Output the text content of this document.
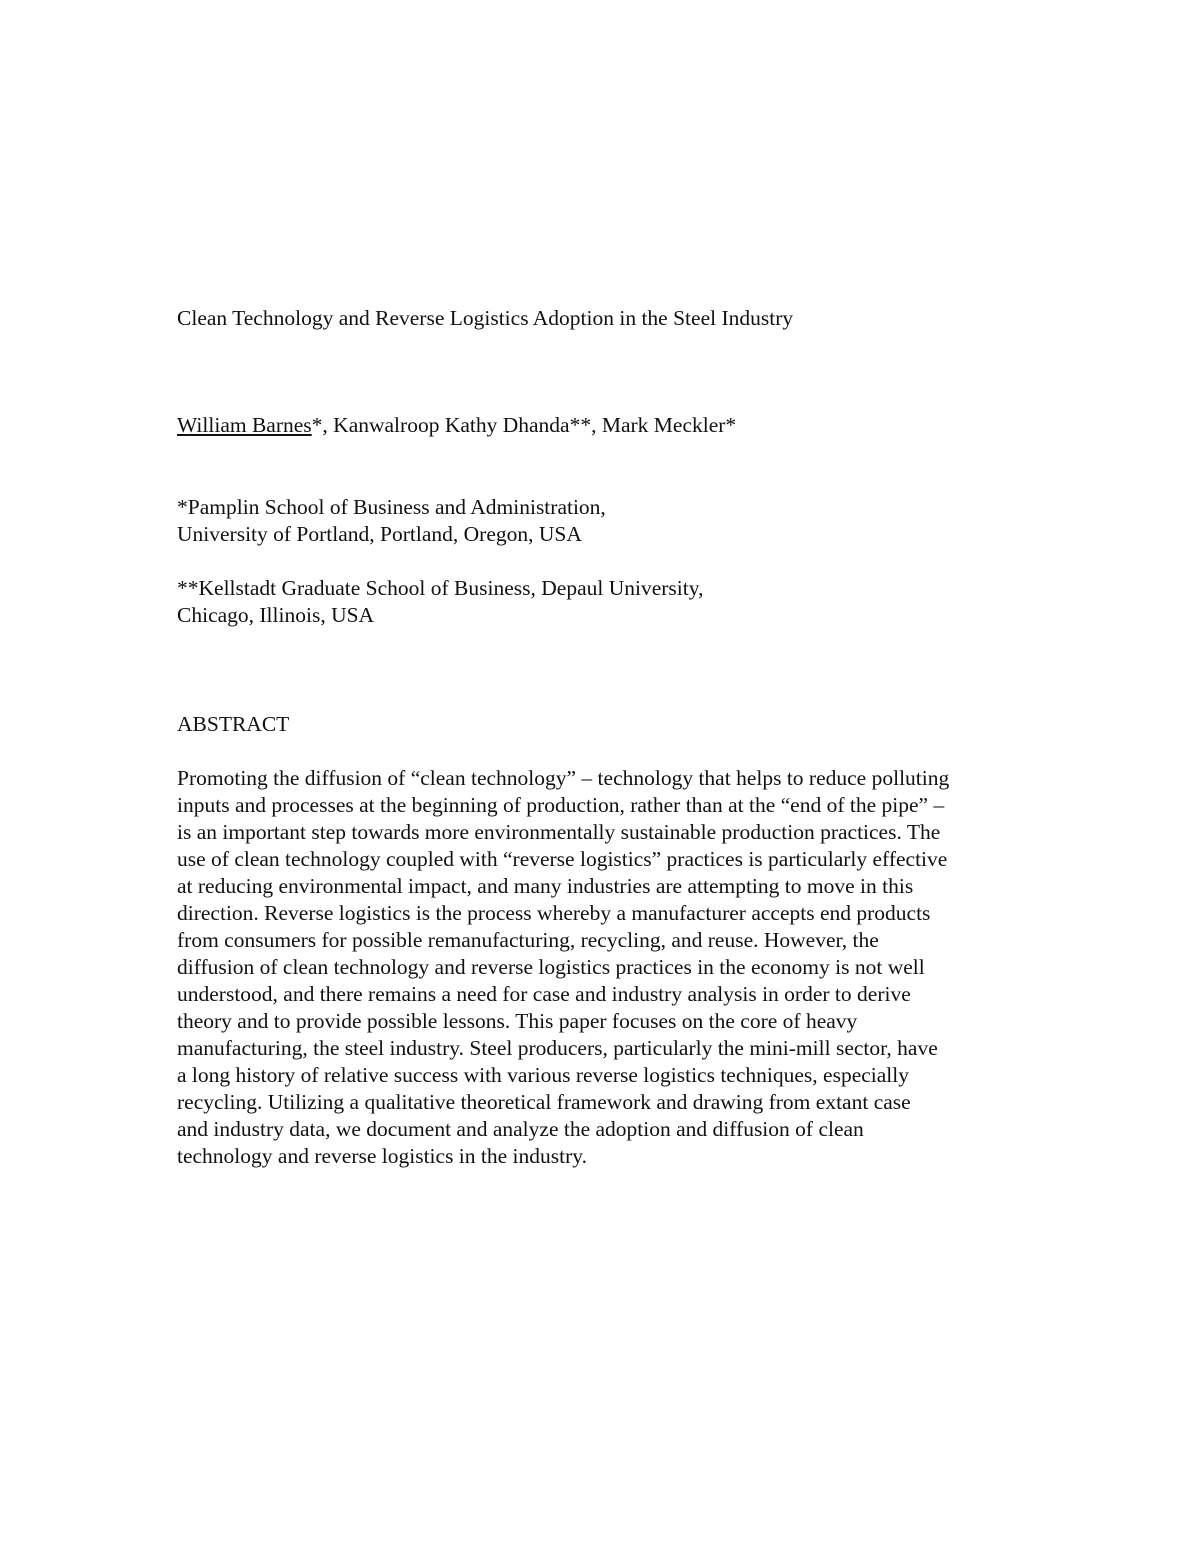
Clean Technology and Reverse Logistics Adoption in the Steel Industry
William Barnes*, Kanwalroop Kathy Dhanda**, Mark Meckler*
*Pamplin School of Business and Administration,
University of Portland, Portland, Oregon, USA
**Kellstadt Graduate School of Business, Depaul University,
Chicago, Illinois, USA
ABSTRACT
Promoting the diffusion of “clean technology” – technology that helps to reduce polluting
inputs and processes at the beginning of production, rather than at the “end of the pipe” –
is an important step towards more environmentally sustainable production practices. The
use of clean technology coupled with “reverse logistics” practices is particularly effective
at reducing environmental impact, and many industries are attempting to move in this
direction. Reverse logistics is the process whereby a manufacturer accepts end products
from consumers for possible remanufacturing, recycling, and reuse. However, the
diffusion of clean technology and reverse logistics practices in the economy is not well
understood, and there remains a need for case and industry analysis in order to derive
theory and to provide possible lessons. This paper focuses on the core of heavy
manufacturing, the steel industry. Steel producers, particularly the mini-mill sector, have
a long history of relative success with various reverse logistics techniques, especially
recycling. Utilizing a qualitative theoretical framework and drawing from extant case
and industry data, we document and analyze the adoption and diffusion of clean
technology and reverse logistics in the industry.
